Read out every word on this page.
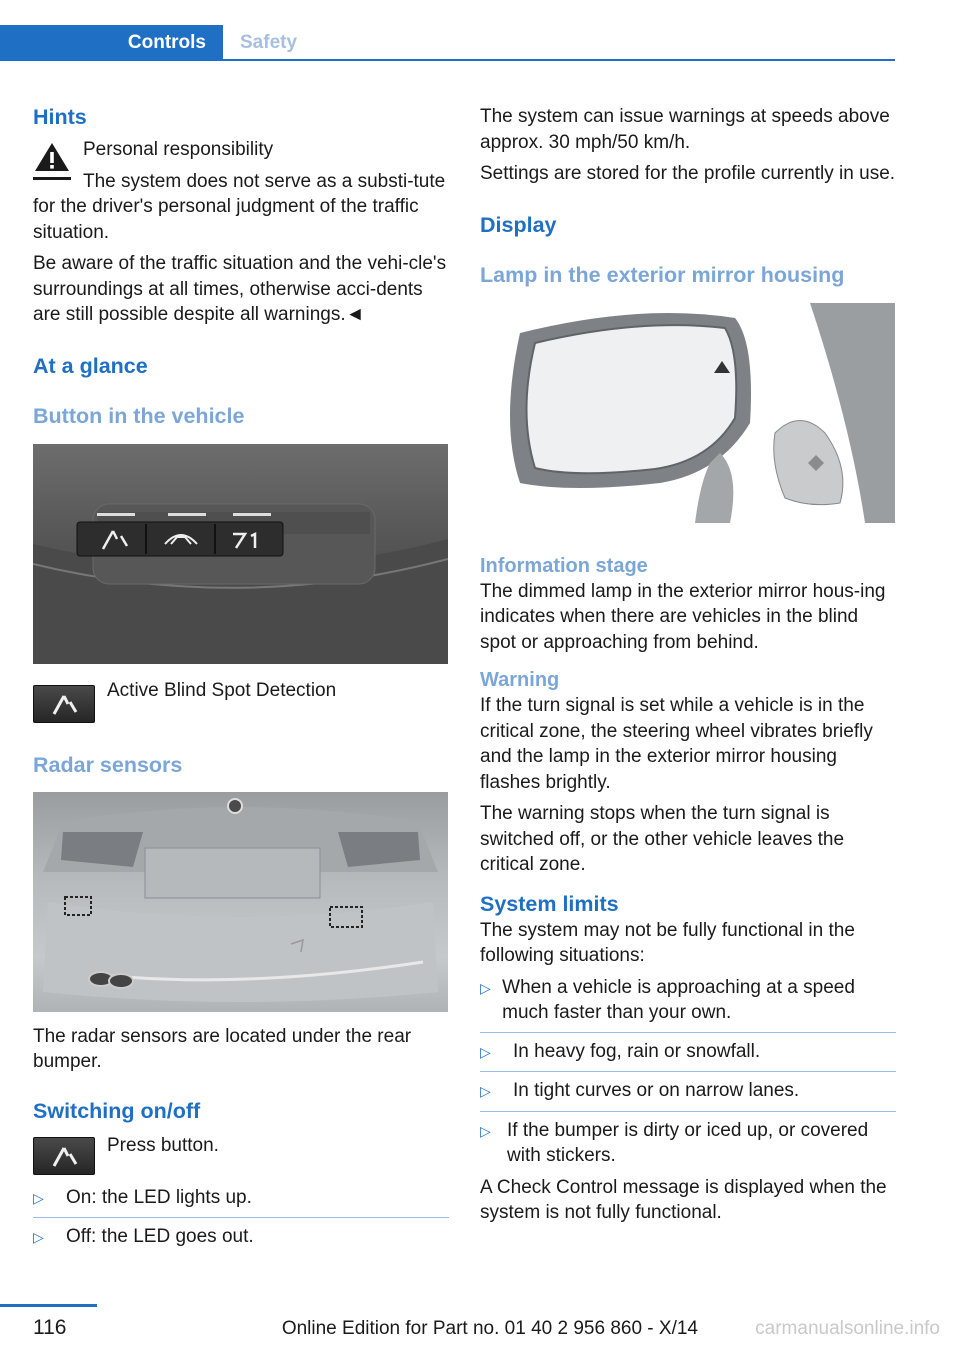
Controls	Safety
Hints

Personal responsibility

The system does not serve as a substi-tute for the driver's personal judgment of the traffic situation.

Be aware of the traffic situation and the vehi-cle's surroundings at all times, otherwise acci-dents are still possible despite all warnings.◄

At a glance
Button in the vehicle

Active Blind Spot Detection

Radar sensors

The radar sensors are located under the rear bumper.

Switching on/off

Press button.

▷	On: the LED lights up.
▷	Off: the LED goes out.

The system can issue warnings at speeds above approx. 30 mph/50 km/h.

Settings are stored for the profile currently in use.

Display
Lamp in the exterior mirror housing
Information stage

The dimmed lamp in the exterior mirror hous-ing indicates when there are vehicles in the blind spot or approaching from behind.

Warning

If the turn signal is set while a vehicle is in the critical zone, the steering wheel vibrates briefly and the lamp in the exterior mirror housing flashes brightly.

The warning stops when the turn signal is switched off, or the other vehicle leaves the critical zone.

System limits

The system may not be fully functional in the following situations:

▷ When a vehicle is approaching at a speed much faster than your own.
▷	In heavy fog, rain or snowfall.
▷	In tight curves or on narrow lanes.
▷ If the bumper is dirty or iced up, or covered with stickers.

A Check Control message is displayed when the system is not fully functional.

116	Online Edition for Part no. 01 40 2 956 860 - X/14	carmanualsonline.info
